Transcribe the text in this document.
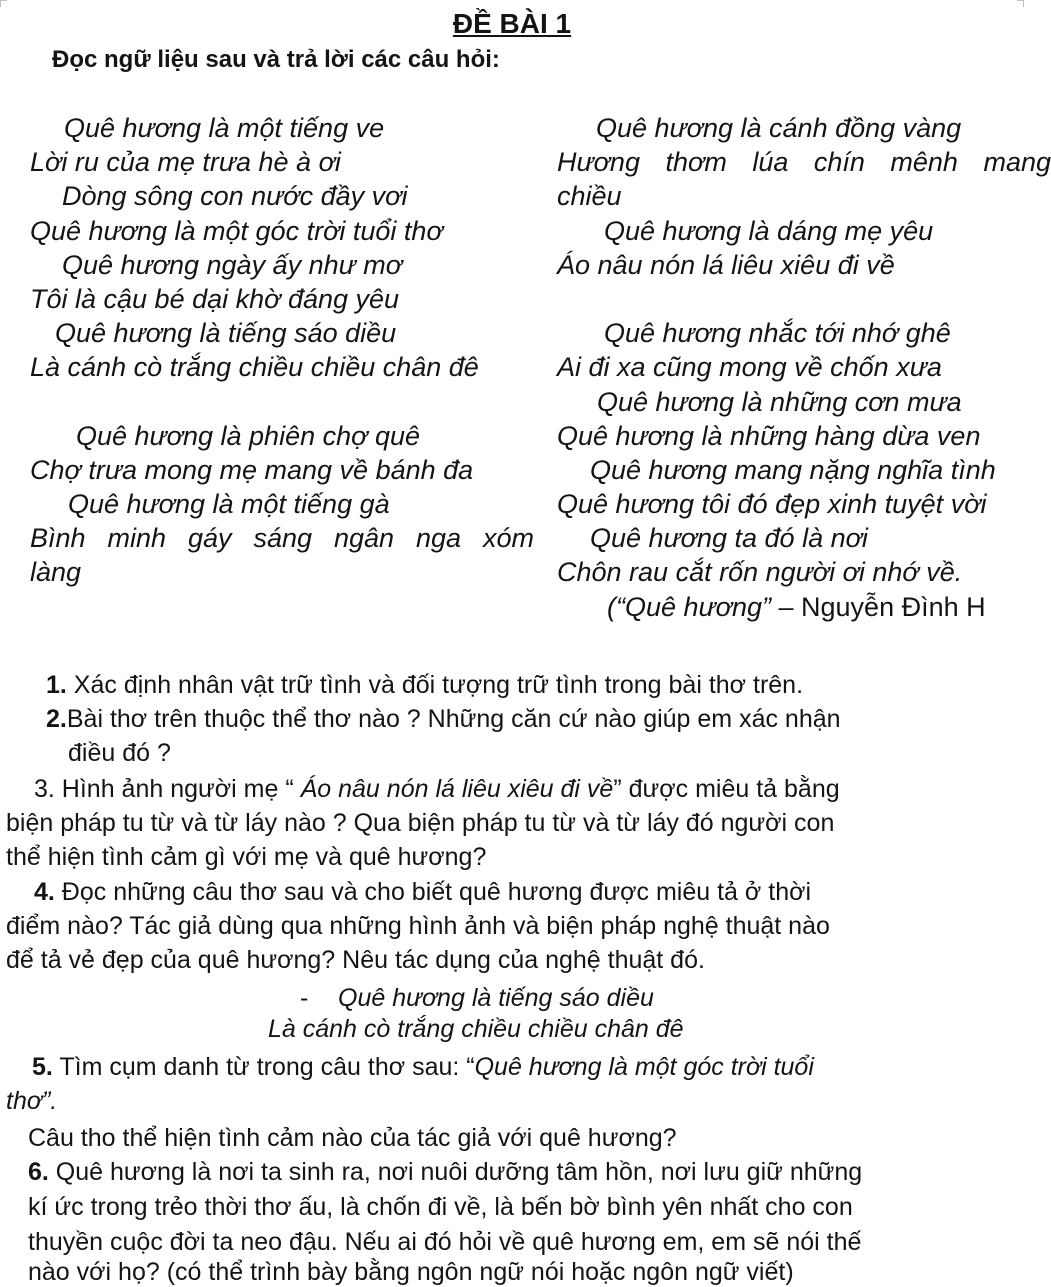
ĐỀ BÀI 1
Đọc ngữ liệu sau và trả lời các câu hỏi:
Quê hương là một tiếng ve
Lời ru của mẹ trưa hè à ơi
Dòng sông con nước đầy vơi
Quê hương là một góc trời tuổi thơ
Quê hương ngày ấy như mơ
Tôi là cậu bé dại khờ đáng yêu
Quê hương là tiếng sáo diều
Là cánh cò trắng chiều chiều chân đê
Quê hương là phiên chợ quê
Chợ trưa mong mẹ mang về bánh đa
Quê hương là một tiếng gà
Bình minh gáy sáng ngân nga xóm
làng
Quê hương là cánh đồng vàng
Hương thơm lúa chín mênh mang
chiều
Quê hương là dáng mẹ yêu
Áo nâu nón lá liêu xiêu đi về
Quê hương nhắc tới nhớ ghê
Ai đi xa cũng mong về chốn xưa
Quê hương là những cơn mưa
Quê hương là những hàng dừa ven
Quê hương mang nặng nghĩa tình
Quê hương tôi đó đẹp xinh tuyệt vời
Quê hương ta đó là nơi
Chôn rau cắt rốn người ơi nhớ về.
(“Quê hương” – Nguyễn Đình H
1. Xác định nhân vật trữ tình và đối tượng trữ tình trong bài thơ trên.
2.Bài thơ trên thuộc thể thơ nào ? Những căn cứ nào giúp em xác nhận
điều đó ?
3. Hình ảnh người mẹ “ Áo nâu nón lá liêu xiêu đi về” được miêu tả bằng
biện pháp tu từ và từ láy nào ? Qua biện pháp tu từ và từ láy đó người con
thể hiện tình cảm gì với mẹ và quê hương?
4. Đọc những câu thơ sau và cho biết quê hương được miêu tả ở thời
điểm nào? Tác giả dùng qua những hình ảnh và biện pháp nghệ thuật nào
để tả vẻ đẹp của quê hương? Nêu tác dụng của nghệ thuật đó.
- Quê hương là tiếng sáo diều
Là cánh cò trắng chiều chiều chân đê
5. Tìm cụm danh từ trong câu thơ sau: “Quê hương là một góc trời tuổi
thơ”.
Câu tho thể hiện tình cảm nào của tác giả với quê hương?
6. Quê hương là nơi ta sinh ra, nơi nuôi dưỡng tâm hồn, nơi lưu giữ những
kí ức trong trẻo thời thơ ấu, là chốn đi về, là bến bờ bình yên nhất cho con
thuyền cuộc đời ta neo đậu. Nếu ai đó hỏi về quê hương em, em sẽ nói thế
nào với họ? (có thể trình bày bằng ngôn ngữ nói hoặc ngôn ngữ viết)
